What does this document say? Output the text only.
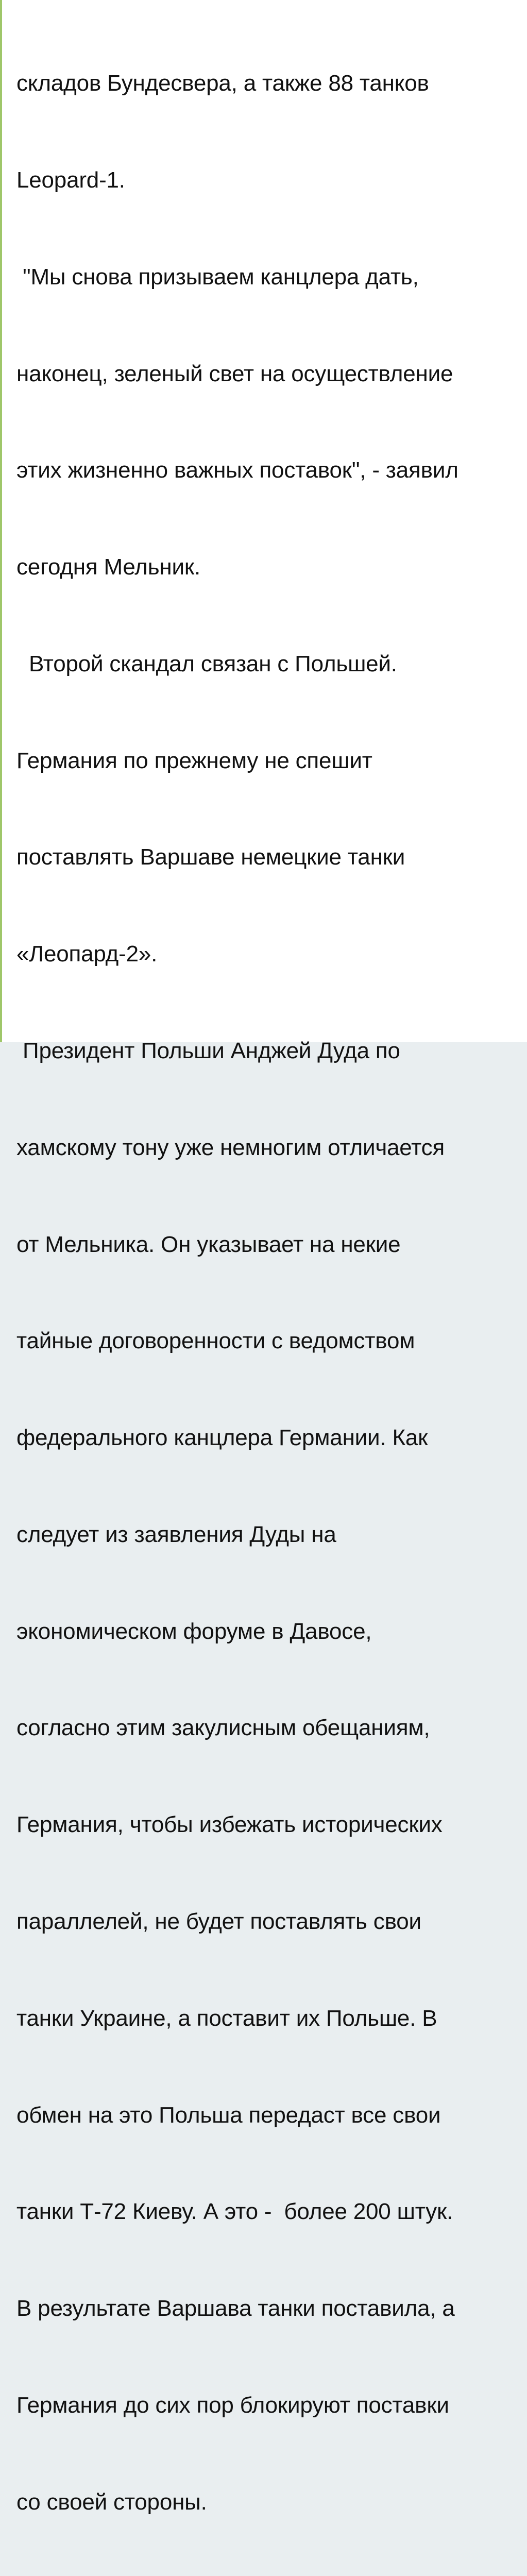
складов Бундесвера, а также 88 танков

Leopard-1.

"Мы снова призываем канцлера дать,

наконец, зеленый свет на осуществление

этих жизненно важных поставок", - заявил

сегодня Мельник.

Второй скандал связан с Польшей.

Германия по прежнему не спешит

поставлять Варшаве немецкие танки

«Леопард-2».

Президент Польши Анджей Дуда по

хамскому тону уже немногим отличается

от Мельника. Он указывает на некие

тайные договоренности с ведомством

федерального канцлера Германии. Как

следует из заявления Дуды на

экономическом форуме в Давосе,

согласно этим закулисным обещаниям,

Германия, чтобы избежать исторических

параллелей, не будет поставлять свои

танки Украине, а поставит их Польше. В

обмен на это Польша передаст все свои

танки Т-72 Киеву. А это -  более 200 штук.

В результате Варшава танки поставила, а

Германия до сих пор блокируют поставки

со своей стороны.
